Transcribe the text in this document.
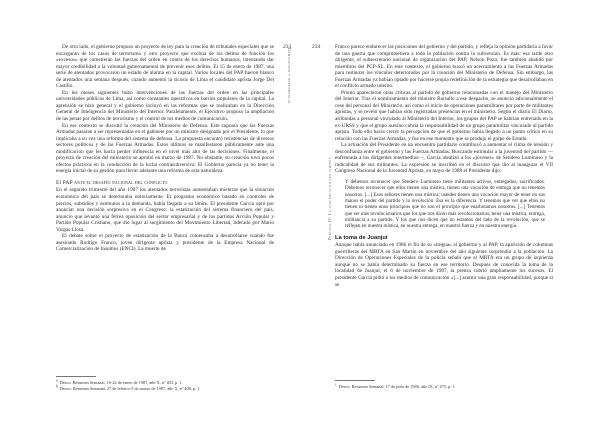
De otro lado, el gobierno propuso un proyecto de ley para la creación de tribunales especiales que se encargaran de los casos de terrorismo y otro proyecto que excluía de los delitos de función los «excesos» que cometieran las fuerzas del orden en contra de los derechos humanos, intentando dar mayor credibilidad a la voluntad gubernamental de prevenir esos delitos. El 15 de enero de 1987, una serie de atentados provocaron un estado de alarma en la capital. Varios locales del PAP fueron blanco de atentados una semana después, cuando aumentó la sicosis de Lima el candidato aprista Jorge Del Castillo.

En los meses siguientes hubo intervenciones de las fuerzas del orden en las principales universidades públicas de Lima, así como constantes operativos en barrios populares de la capital. La aprensión se hizo general y el gobierno incluyó en las reformas que se realizaban en la Dirección General de Inteligencia del Ministerio del Interior. Paralelamente, el Ejecutivo propuso la ampliación de las penas por delitos de terrorismo y el control de los medios de comunicación.

En ese contexto se discutió la creación del Ministerio de Defensa. Este suponía que las Fuerzas Armadas pasaran a ser representadas en el gabinete por un ministro designado por el Presidente, lo que implicaba a su vez una reforma del sistema de defensa. La propuesta encontró resistencias de diversos sectores políticos y de las Fuerzas Armadas. Estos últimos se manifestaron públicamente ante una modificación que les hacía perder influencia en el nivel más alto de las decisiones. Finalmente, el proyecto de creación del ministerio se aprobó en marzo de 1987. No obstante, su creación tuvo pocos efectos prácticos en la conducción de la lucha contrasubversiva. El Gobierno parecía ya no tener la energía inicial de su gestión para llevar adelante una reforma de esta naturaleza.

El PAP ante el desafío nacional del conflicto

En el segundo trimestre del año 1987 los atentados terroristas aumentaban mientras que la situación económica del país se deterioraba notoriamente. El programa económico basado en controles de precios, subsidios y estímulos a la demanda, había llegado a su límite. El presidente García optó por anunciar una decisión sorpresiva en el Congreso: la estatización del sistema financiero del país, anuncio que levantó una férrea oposición del sector empresarial y de los partidos Acción Popular y Partido Popular Cristiano, que dio lugar al surgimiento del Movimiento Libertad, liderado por Mario Vargas Llosa.

El debate sobre el proyecto de estatización de la Banca comenzaba a desarrollarse cuando fue asesinado Rodrigo Franco, joven dirigente aprista y presidente de la Empresa Nacional de Comercialización de Insumos (ENCI). La muerte de

$^a$ Desco. Resumen Semanal, 16-22 de enero de 1987, año X, nº 403, p. 1.
$^b$ Desco. Resumen Semanal, 27 de febrero-5 de marzo de 1987, año X, nº 408, p. 1.
233
Dominación y dependencia
234
Periodo IV: La violencia en sus límites

Franco parece endurecer las posiciones del gobierno y del partido, y refleja la opinión partidaria a favor de una guerra que comprometiera a toda la población contra la subversión. Es más: esa tarde otro dirigente, el subsecretario nacional de organización del PAP, Nelson Pozo, fue también abatido por miembros del PCP-SL. En este contexto, el gobierno buscó un acercamiento a las Fuerzas Armadas para restaurar los vínculos deteriorados por la creación del Ministerio de Defensa. Sin embargo, las Fuerzas Armadas ya habían optado por hacerse propia redefinición de la estrategia que desarrollaban en el conflicto armado interno.

Pronto aparecieron otras críticas al partido de gobierno relacionadas con el manejo del Ministerio del Interior. Tras el nombramiento del ministro Barsallo a ese despacho, se anunció adicionalmente el cese del personal del Ministerio, así como el inicio de operaciones paramilitares por parte de militantes apristas, y se reveló que habían sido registradas presencias en el ministerio. Según el diario El Diario, atribuidas a personal vinculado al Ministerio del Interior, los grupos del PAP se habrían entrenado en la ex-URSS y que el grupo asesino cubría la responsabilidad de un grupo paramilitar vinculado al partido aprista. Todo ello hacía crecer la percepción de que el gobierno había llegado a un punto crítico en su relación con las Fuerzas Armadas, y fue en ese momento que se produjo el golpe de Estado.

La actuación del Presidente en un encuentro partidario contribuyó a aumentar el clima de tensión y desconfianza entre el gobierno y las Fuerzas Armadas. Buscando estimular a la juventud del partido —enfrentada a los dirigentes intermedios—, García idealizó a los «jóvenes» de Sendero Luminoso y la radicalidad de sus militantes. La expresión se inscribió en el discurso que dio al inaugurar el VII Congreso Nacional de la Juventud Aprista, en mayo de 1988 el Presidente dijo:

Y debemos reconocer que Sendero Luminoso tiene militantes activos, entregados, sacrificados. Debemos reconocer que ellos tienen una mística, tienen una vocación de entrega que no tenemos nosotros. [...] Esos señores tienen una mística; ustedes tienen una vocación mayor de tener en sus manos el poder del partido y la revolución. Ésa es la diferencia. Y tenemos que ver que ellos no tienen ni tienen unos principios que no son el principio que enarbolamos nosotros. [...] Tenemos que ser más revolucionarios que los que nos dicen más revolucionarios, tener una mística, entrega, militancia a su partido. Y los que nos dicen que no estamos del lado de la revolución, que se reflejen en nuestra mística, en nuestra entrega, en nuestra fuerza y en nuestra energía.
La toma de Juanjuí

Aunque había anunciado en 1986 el fin de su «tregua» al gobierno y al PAP, la aparición de columnas guerrilleras del MRTA en San Martín en noviembre del año siguiente sorprendió a la población. La Dirección de Operaciones Especiales de la policía señaló que el MRTA era un grupo de izquierda aunque no se había determinado su fuerza en ese territorio. Después de conocida la toma de la localidad de Juanjuí, el 6 de noviembre de 1987, la prensa cubrió ampliamente los sucesos. El presidente García pidió a los medios de comunicación «[...] asumir una gran responsabilidad, porque si se

$^c$ Desco. Resumen Semanal, 17 de julio de 1986, año IX, nº 475, p. 1.
